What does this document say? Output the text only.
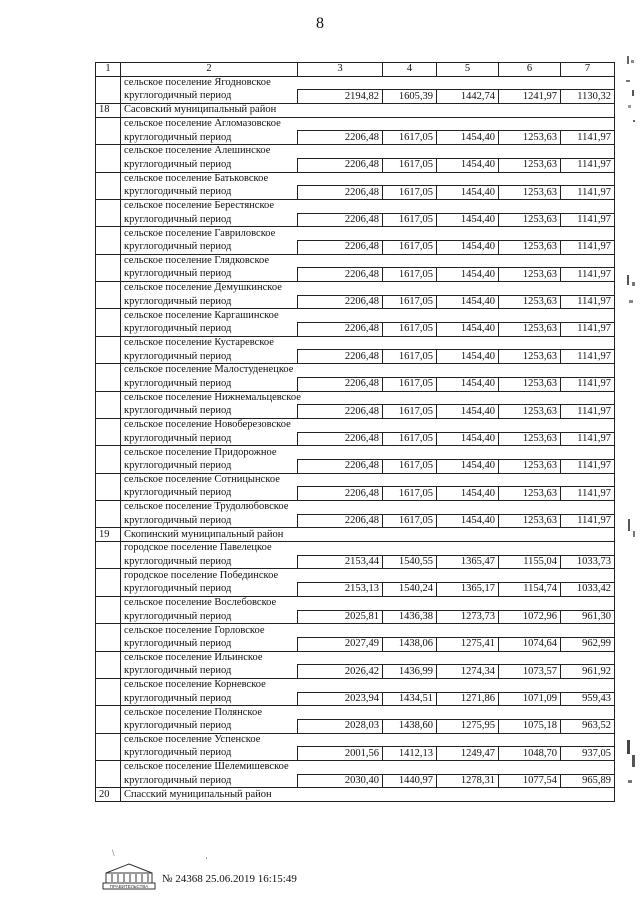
8
1	2	3	4	5	6	7
	сельское поселение Ягодновское					
	круглогодичный период	2194,82	1605,39	1442,74	1241,97	1130,32
18	Сасовский муниципальный район					
	сельское поселение Агломазовское					
	круглогодичный период	2206,48	1617,05	1454,40	1253,63	1141,97
	сельское поселение Алешинское					
	круглогодичный период	2206,48	1617,05	1454,40	1253,63	1141,97
	сельское поселение Батьковское					
	круглогодичный период	2206,48	1617,05	1454,40	1253,63	1141,97
	сельское поселение Берестянское					
	круглогодичный период	2206,48	1617,05	1454,40	1253,63	1141,97
	сельское поселение Гавриловское					
	круглогодичный период	2206,48	1617,05	1454,40	1253,63	1141,97
	сельское поселение Глядковское					
	круглогодичный период	2206,48	1617,05	1454,40	1253,63	1141,97
	сельское поселение Демушкинское					
	круглогодичный период	2206,48	1617,05	1454,40	1253,63	1141,97
	сельское поселение Каргашинское					
	круглогодичный период	2206,48	1617,05	1454,40	1253,63	1141,97
	сельское поселение Кустаревское					
	круглогодичный период	2206,48	1617,05	1454,40	1253,63	1141,97
	сельское поселение Малостуденецкое					
	круглогодичный период	2206,48	1617,05	1454,40	1253,63	1141,97
	сельское поселение Нижнемальцевское					
	круглогодичный период	2206,48	1617,05	1454,40	1253,63	1141,97
	сельское поселение Новоберезовское					
	круглогодичный период	2206,48	1617,05	1454,40	1253,63	1141,97
	сельское поселение Придорожное					
	круглогодичный период	2206,48	1617,05	1454,40	1253,63	1141,97
	сельское поселение Сотницынское					
	круглогодичный период	2206,48	1617,05	1454,40	1253,63	1141,97
	сельское поселение Трудолюбовское					
	круглогодичный период	2206,48	1617,05	1454,40	1253,63	1141,97
19	Скопинский муниципальный район					
	городское поселение Павелецкое					
	круглогодичный период	2153,44	1540,55	1365,47	1155,04	1033,73
	городское поселение Побединское					
	круглогодичный период	2153,13	1540,24	1365,17	1154,74	1033,42
	сельское поселение Вослебовское					
	круглогодичный период	2025,81	1436,38	1273,73	1072,96	961,30
	сельское поселение Горловское					
	круглогодичный период	2027,49	1438,06	1275,41	1074,64	962,99
	сельское поселение Ильинское					
	круглогодичный период	2026,42	1436,99	1274,34	1073,57	961,92
	сельское поселение Корневское					
	круглогодичный период	2023,94	1434,51	1271,86	1071,09	959,43
	сельское поселение Полянское					
	круглогодичный период	2028,03	1438,60	1275,95	1075,18	963,52
	сельское поселение Успенское					
	круглогодичный период	2001,56	1412,13	1249,47	1048,70	937,05
	сельское поселение Шелемишевское					
	круглогодичный период	2030,40	1440,97	1278,31	1077,54	965,89
20	Спасский муниципальный район					
\	·
ПРАВИТЕЛЬСТВА
№ 24368 25.06.2019 16:15:49
